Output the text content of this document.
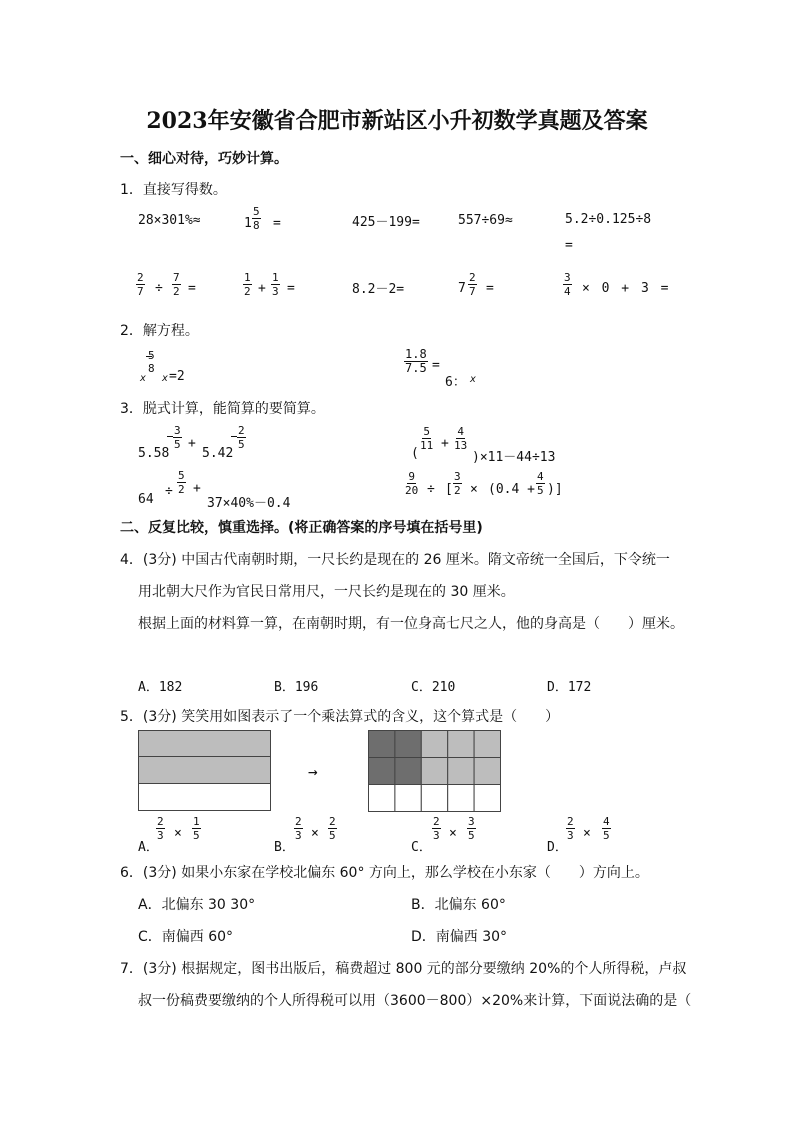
2023年安徽省合肥市新站区小升初数学真题及答案
一、细心对待，巧妙计算。
1．直接写得数。
28×301%≈	$1 \frac{5}{8}$ =	425－199=	557÷69≈	5.2÷0.125÷8
=
$\frac{2}{7} \div \frac{7}{2}$ =	$\frac{1}{2} + \frac{1}{3}$ =	8.2－2=	$7 \frac{2}{7}$ =	$\frac{3}{4} \times 0 + 3$ =
2．解方程。
5
8
x x =2
$\frac{1.8}{7.5}$ =
6： x
3．脱式计算，能简算的要简算。
5.58
$\frac{3}{5}$ +
5.42
$\frac{2}{5}$
(
$\frac{5}{11} + \frac{4}{13}$
)×11－44÷13
64
÷ $\frac{5}{2}$ +
37×40%－0.4
$\frac{9}{20}$ ÷ [ $\frac{3}{2} \times (0.4 + \frac{4}{5}$ )]
二、反复比较，慎重选择。(将正确答案的序号填在括号里)
4．(3分) 中国古代南朝时期，一尺长约是现在的 26 厘米。隋文帝统一全国后，下令统一
用北朝大尺作为官民日常用尺，一尺长约是现在的 30 厘米。
根据上面的材料算一算，在南朝时期，有一位身高七尺之人，他的身高是（　　）厘米。
A．182	B．196	C．210	D．172
5．(3分) 笑笑用如图表示了一个乘法算式的含义，这个算式是（　　）
→
A．
$\frac{2}{3} \times \frac{1}{5}$
B．
$\frac{2}{3} \times \frac{2}{5}$
C．
$\frac{2}{3} \times \frac{3}{5}$
D．
$\frac{2}{3} \times \frac{4}{5}$
6．(3分) 如果小东家在学校北偏东 60° 方向上，那么学校在小东家（　　）方向上。
A．北偏东 30 30°	B．北偏东 60°
C．南偏西 60°	D．南偏西 30°
7．(3分) 根据规定，图书出版后，稿费超过 800 元的部分要缴纳 20%的个人所得税，卢叔
叔一份稿费要缴纳的个人所得税可以用（3600－800）×20%来计算，下面说法确的是（
